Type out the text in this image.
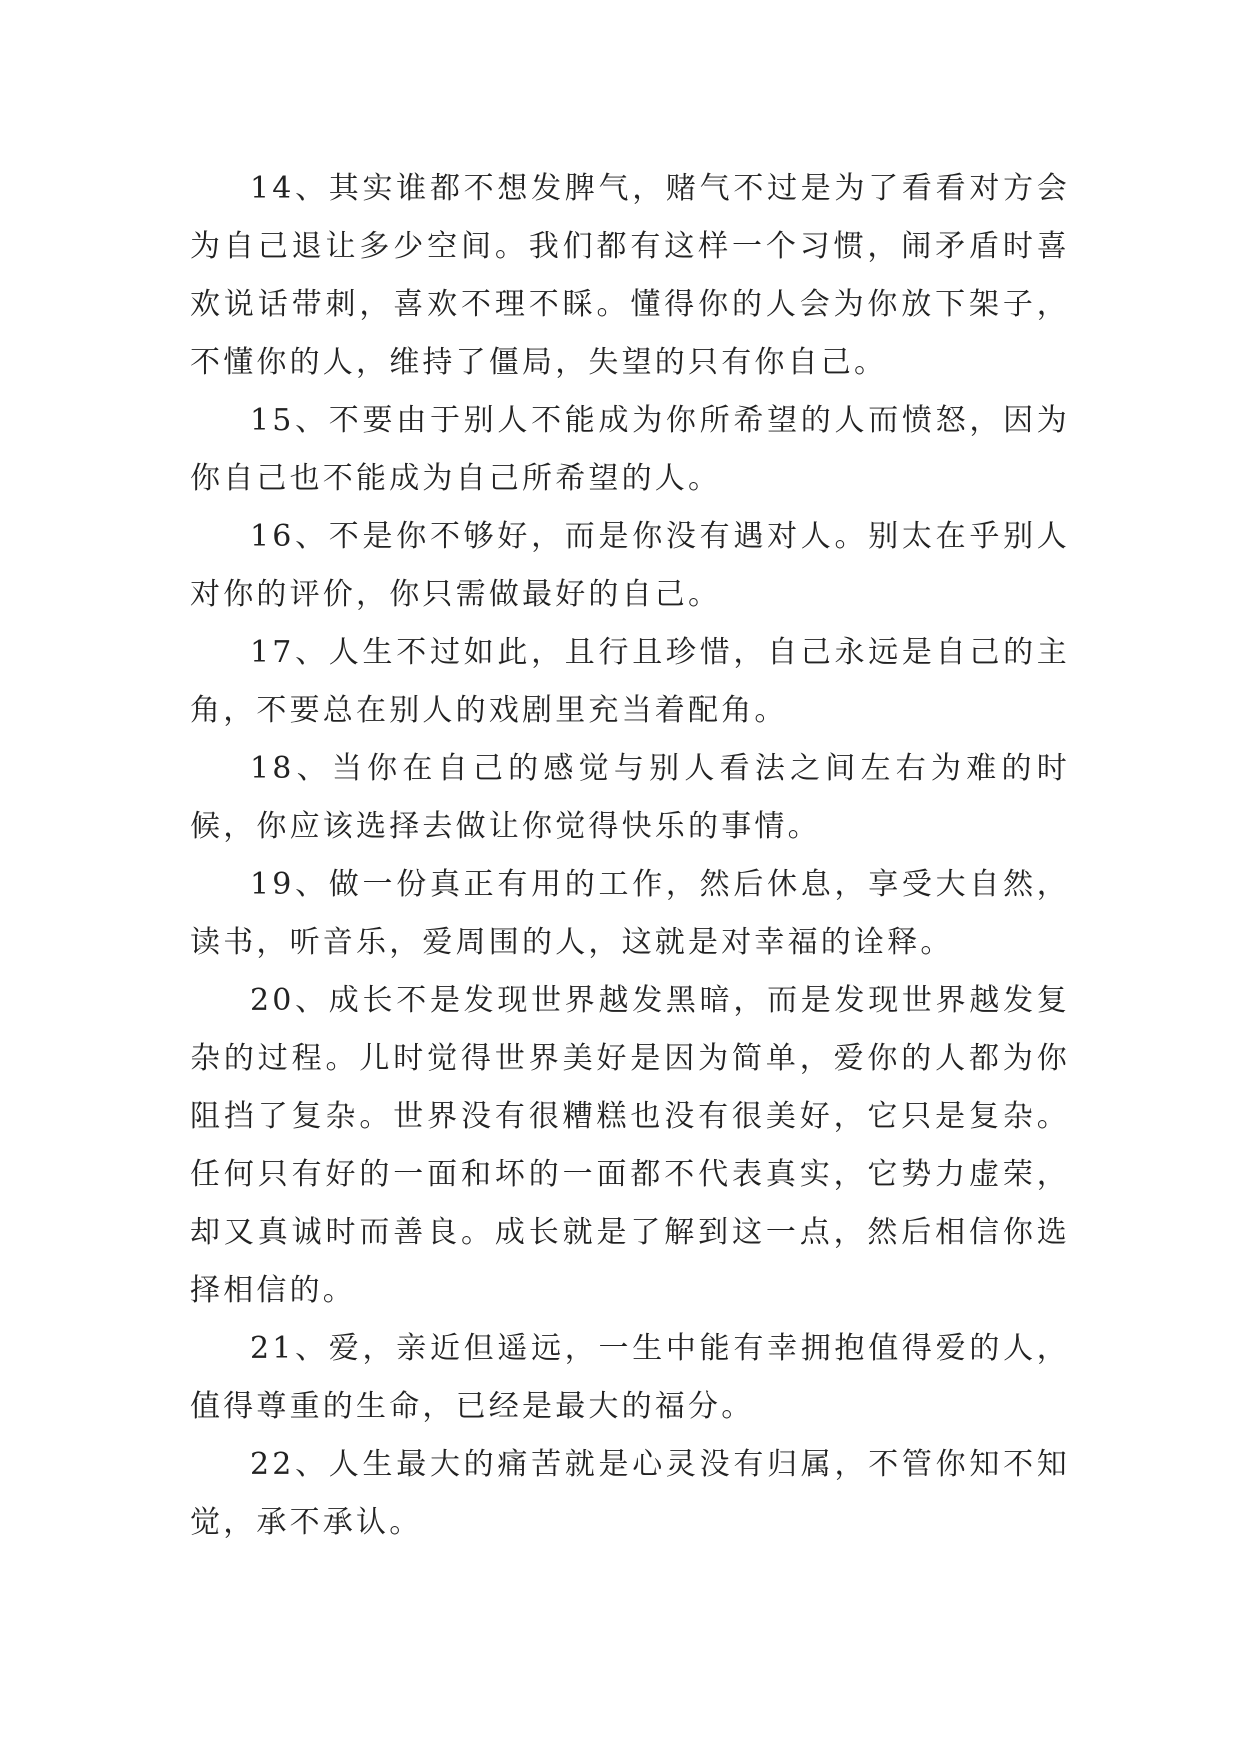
14、其实谁都不想发脾气，赌气不过是为了看看对方会为自己退让多少空间。我们都有这样一个习惯，闹矛盾时喜欢说话带刺，喜欢不理不睬。懂得你的人会为你放下架子，不懂你的人，维持了僵局，失望的只有你自己。

15、不要由于别人不能成为你所希望的人而愤怒，因为你自己也不能成为自己所希望的人。

16、不是你不够好，而是你没有遇对人。别太在乎别人对你的评价，你只需做最好的自己。

17、人生不过如此，且行且珍惜，自己永远是自己的主角，不要总在别人的戏剧里充当着配角。

18、当你在自己的感觉与别人看法之间左右为难的时候，你应该选择去做让你觉得快乐的事情。

19、做一份真正有用的工作，然后休息，享受大自然，读书，听音乐，爱周围的人，这就是对幸福的诠释。

20、成长不是发现世界越发黑暗，而是发现世界越发复杂的过程。儿时觉得世界美好是因为简单，爱你的人都为你阻挡了复杂。世界没有很糟糕也没有很美好，它只是复杂。任何只有好的一面和坏的一面都不代表真实，它势力虚荣，却又真诚时而善良。成长就是了解到这一点，然后相信你选择相信的。

21、爱，亲近但遥远，一生中能有幸拥抱值得爱的人，值得尊重的生命，已经是最大的福分。

22、人生最大的痛苦就是心灵没有归属，不管你知不知觉，承不承认。
